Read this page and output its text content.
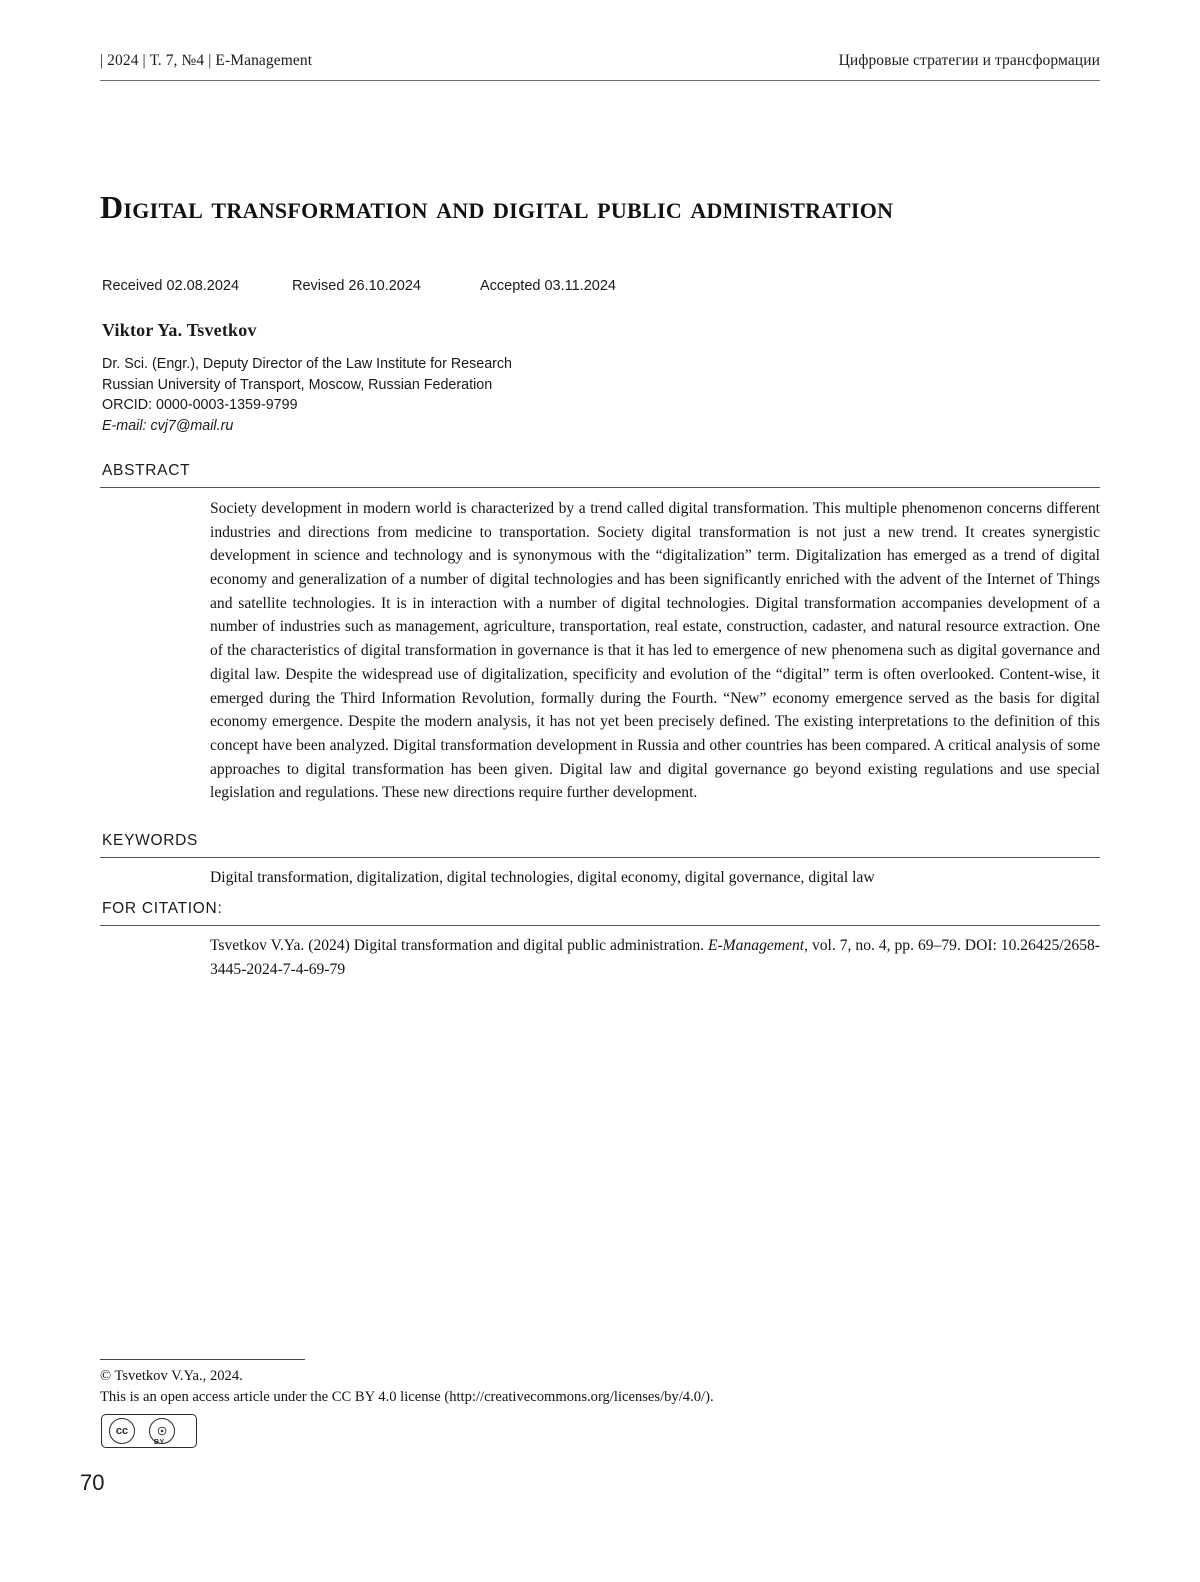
| 2024 | Т. 7, №4 | E-Management	Цифровые стратегии и трансформации
Digital transformation and digital public administration
Received 02.08.2024	Revised 26.10.2024	Accepted 03.11.2024
Viktor Ya. Tsvetkov
Dr. Sci. (Engr.), Deputy Director of the Law Institute for Research
Russian University of Transport, Moscow, Russian Federation
ORCID: 0000-0003-1359-9799
E-mail: cvj7@mail.ru
ABSTRACT
Society development in modern world is characterized by a trend called digital transformation. This multiple phenomenon concerns different industries and directions from medicine to transportation. Society digital transformation is not just a new trend. It creates synergistic development in science and technology and is synonymous with the “digitalization” term. Digitalization has emerged as a trend of digital economy and generalization of a number of digital technologies and has been significantly enriched with the advent of the Internet of Things and satellite technologies. It is in interaction with a number of digital technologies. Digital transformation accompanies development of a number of industries such as management, agriculture, transportation, real estate, construction, cadaster, and natural resource extraction. One of the characteristics of digital transformation in governance is that it has led to emergence of new phenomena such as digital governance and digital law. Despite the widespread use of digitalization, specificity and evolution of the “digital” term is often overlooked. Content-wise, it emerged during the Third Information Revolution, formally during the Fourth. “New” economy emergence served as the basis for digital economy emergence. Despite the modern analysis, it has not yet been precisely defined. The existing interpretations to the definition of this concept have been analyzed. Digital transformation development in Russia and other countries has been compared. A critical analysis of some approaches to digital transformation has been given. Digital law and digital governance go beyond existing regulations and use special legislation and regulations. These new directions require further development.
KEYWORDS
Digital transformation, digitalization, digital technologies, digital economy, digital governance, digital law
FOR CITATION:
Tsvetkov V.Ya. (2024) Digital transformation and digital public administration. E-Management, vol. 7, no. 4, pp. 69–79. DOI: 10.26425/2658-3445-2024-7-4-69-79
© Tsvetkov V.Ya., 2024.
This is an open access article under the CC BY 4.0 license (http://creativecommons.org/licenses/by/4.0/).
cc	☉
BY
70
